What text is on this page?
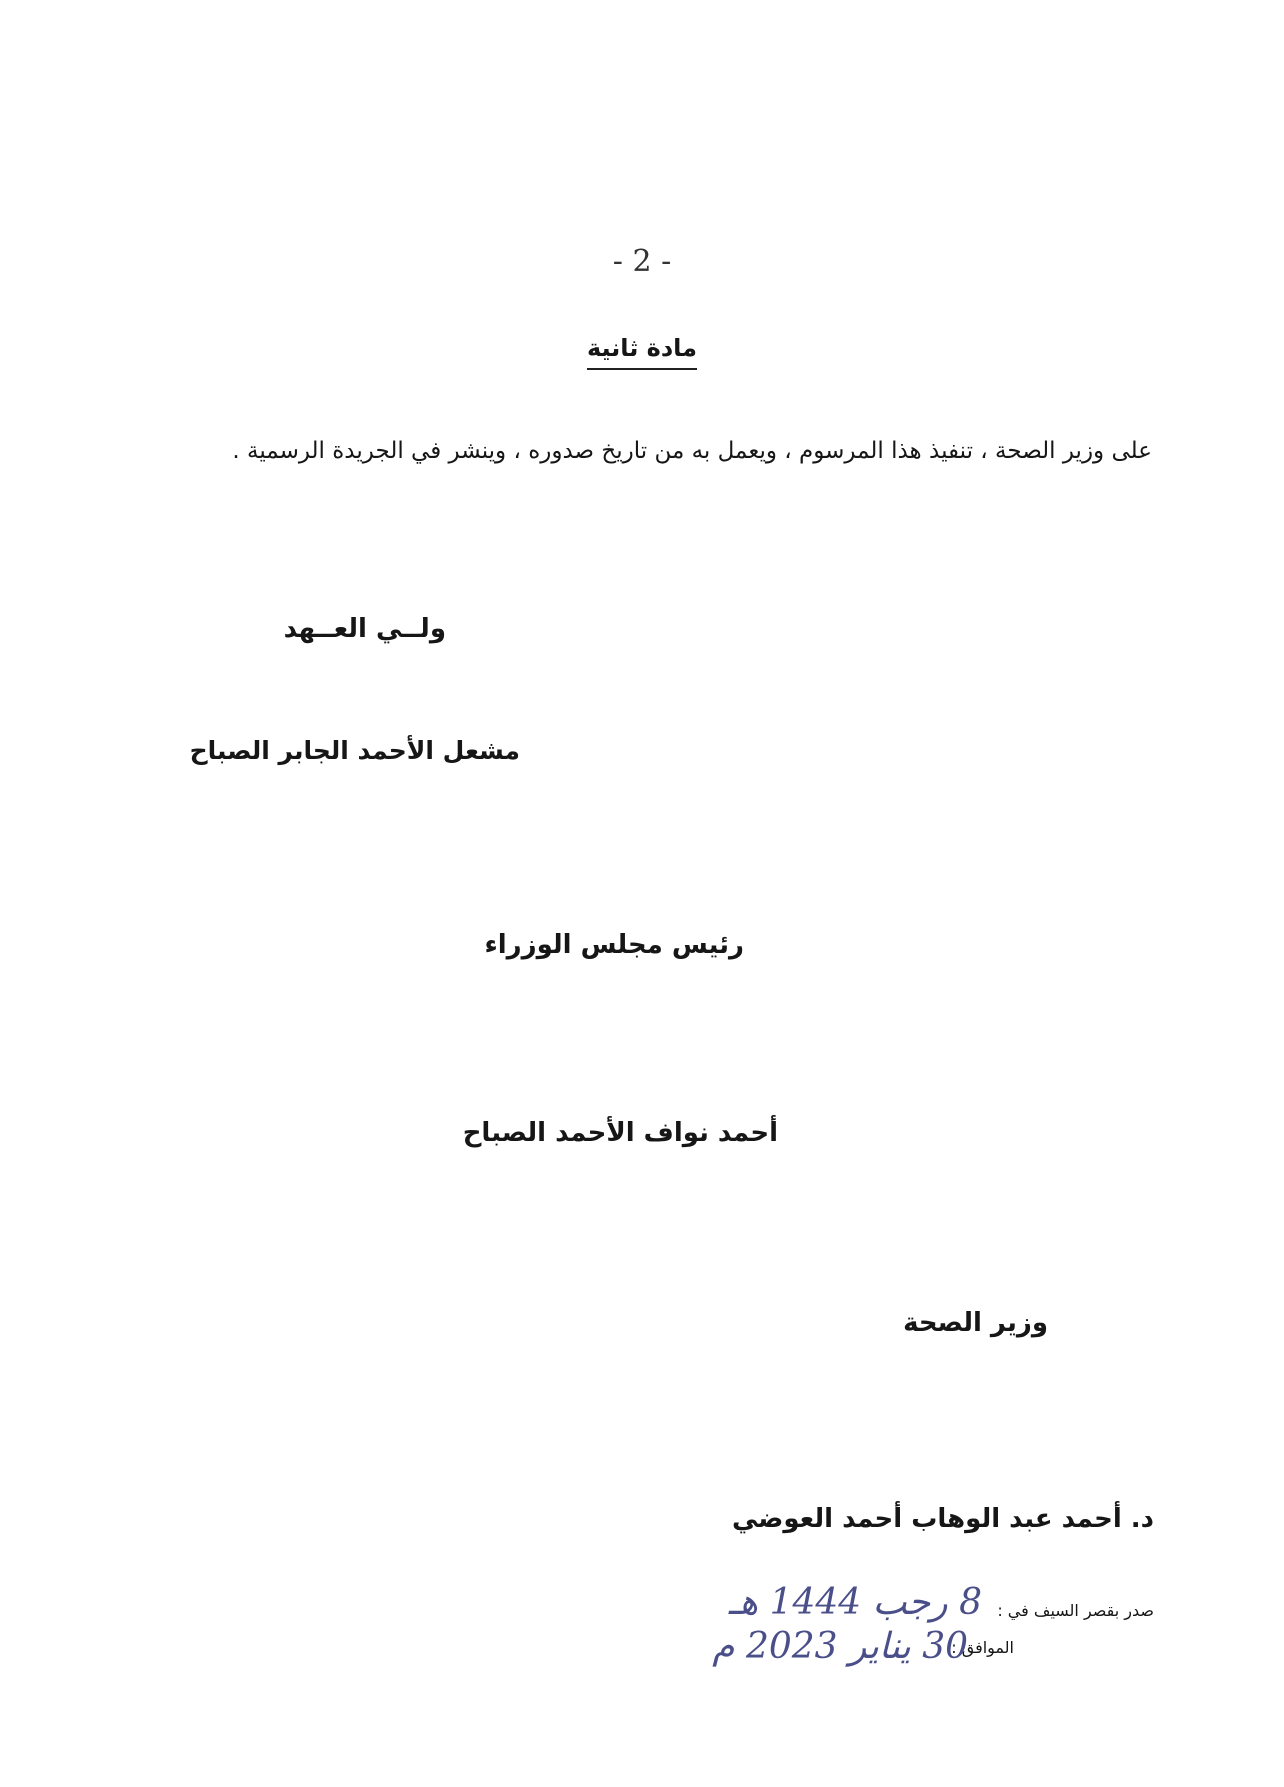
- 2 -
مادة ثانية
على وزير الصحة ، تنفيذ هذا المرسوم ، ويعمل به من تاريخ صدوره ، وينشر في الجريدة الرسمية .
ولــي العــهد
مشعل الأحمد الجابر الصباح
رئيس مجلس الوزراء
أحمد نواف الأحمد الصباح
وزير الصحة
د. أحمد عبد الوهاب أحمد العوضي
صدر بقصر السيف في :
8 رجب 1444 هـ
الموافق :
30 يناير 2023 م
